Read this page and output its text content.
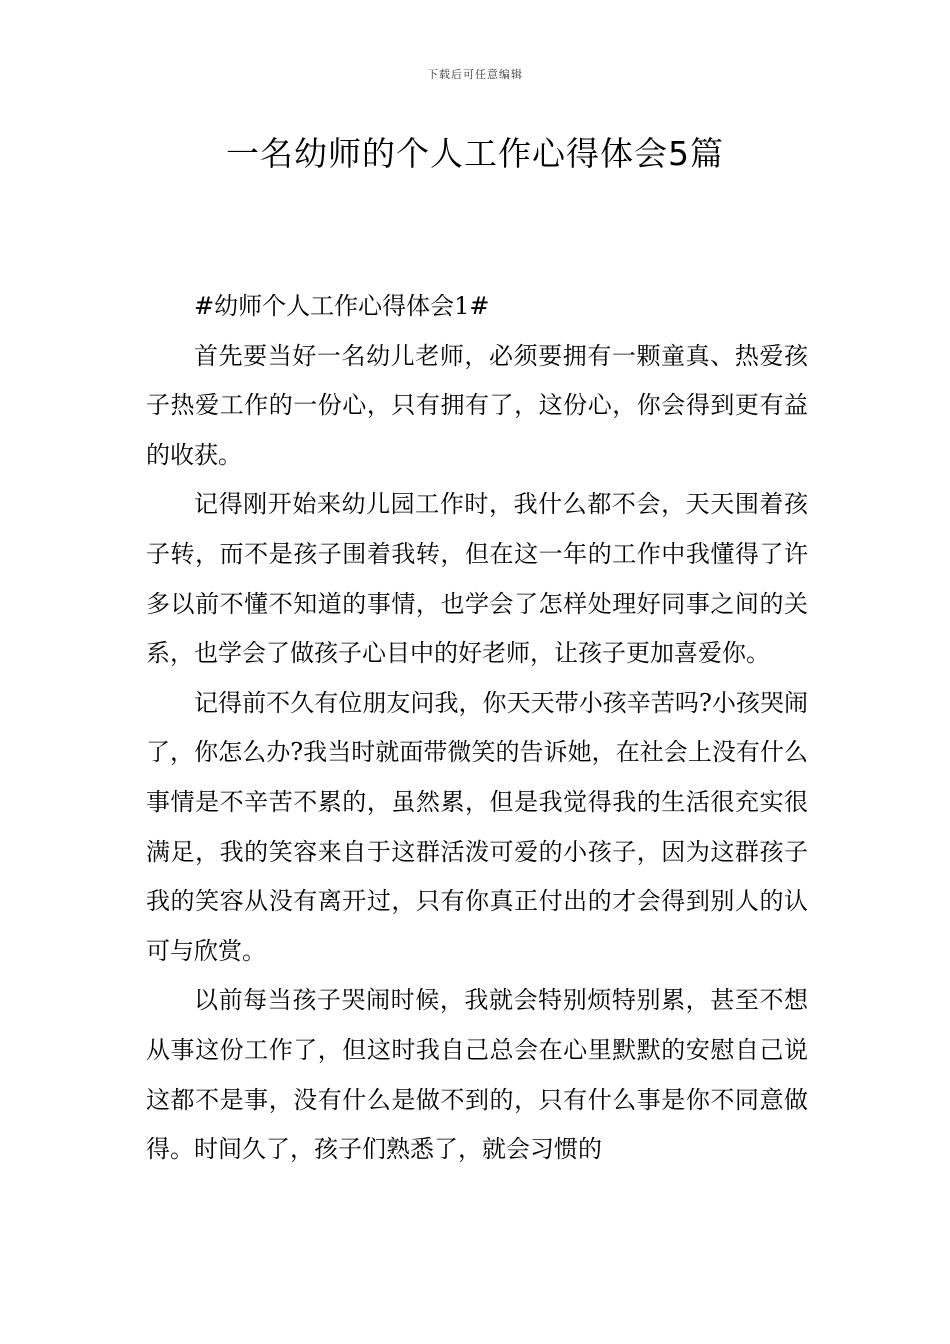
下载后可任意编辑
一名幼师的个人工作心得体会5篇

#幼师个人工作心得体会1#

首先要当好一名幼儿老师，必须要拥有一颗童真、热爱孩子热爱工作的一份心，只有拥有了，这份心，你会得到更有益的收获。

记得刚开始来幼儿园工作时，我什么都不会，天天围着孩子转，而不是孩子围着我转，但在这一年的工作中我懂得了许多以前不懂不知道的事情，也学会了怎样处理好同事之间的关系，也学会了做孩子心目中的好老师，让孩子更加喜爱你。

记得前不久有位朋友问我，你天天带小孩辛苦吗?小孩哭闹了，你怎么办?我当时就面带微笑的告诉她，在社会上没有什么事情是不辛苦不累的，虽然累，但是我觉得我的生活很充实很满足，我的笑容来自于这群活泼可爱的小孩子，因为这群孩子我的笑容从没有离开过，只有你真正付出的才会得到别人的认可与欣赏。

以前每当孩子哭闹时候，我就会特别烦特别累，甚至不想从事这份工作了，但这时我自己总会在心里默默的安慰自己说这都不是事，没有什么是做不到的，只有什么事是你不同意做得。时间久了，孩子们熟悉了，就会习惯的
